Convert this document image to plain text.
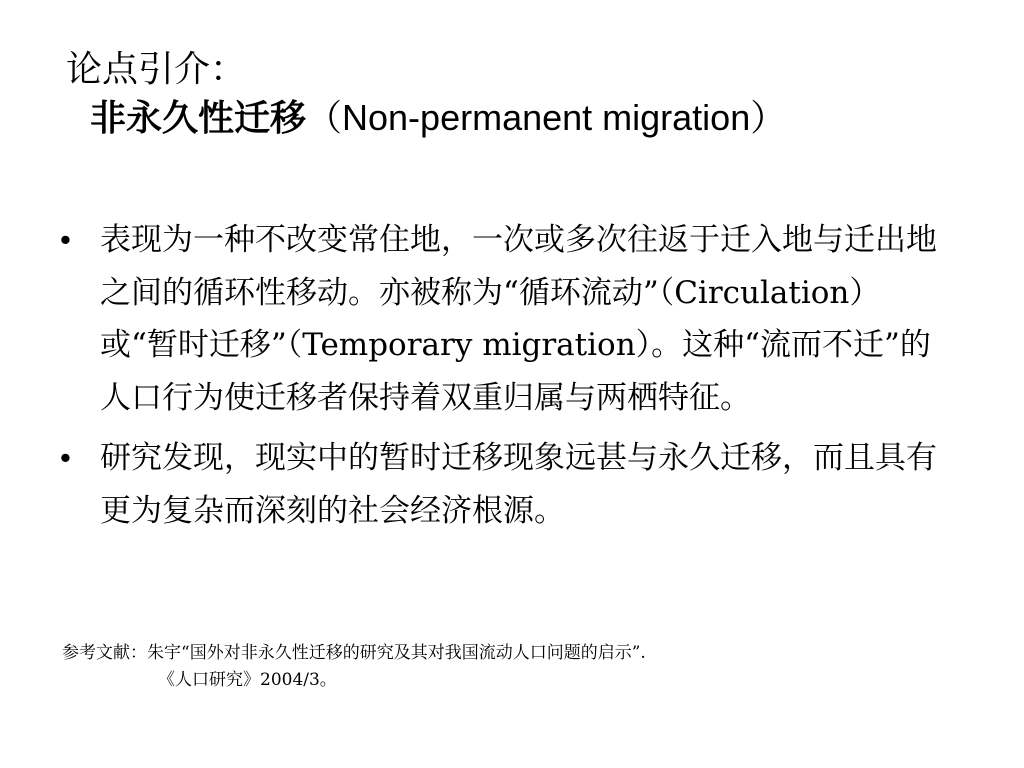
论点引介：
非永久性迁移（Non-permanent migration）
• 表现为一种不改变常住地，一次或多次往返于迁入地与迁出地之间的循环性移动。亦被称为“循环流动”（Circulation）或“暂时迁移”（Temporary migration）。这种“流而不迁”的人口行为使迁移者保持着双重归属与两栖特征。
• 研究发现，现实中的暂时迁移现象远甚与永久迁移，而且具有更为复杂而深刻的社会经济根源。
参考文献：朱宇“国外对非永久性迁移的研究及其对我国流动人口问题的启示”.
《人口研究》2004/3。
